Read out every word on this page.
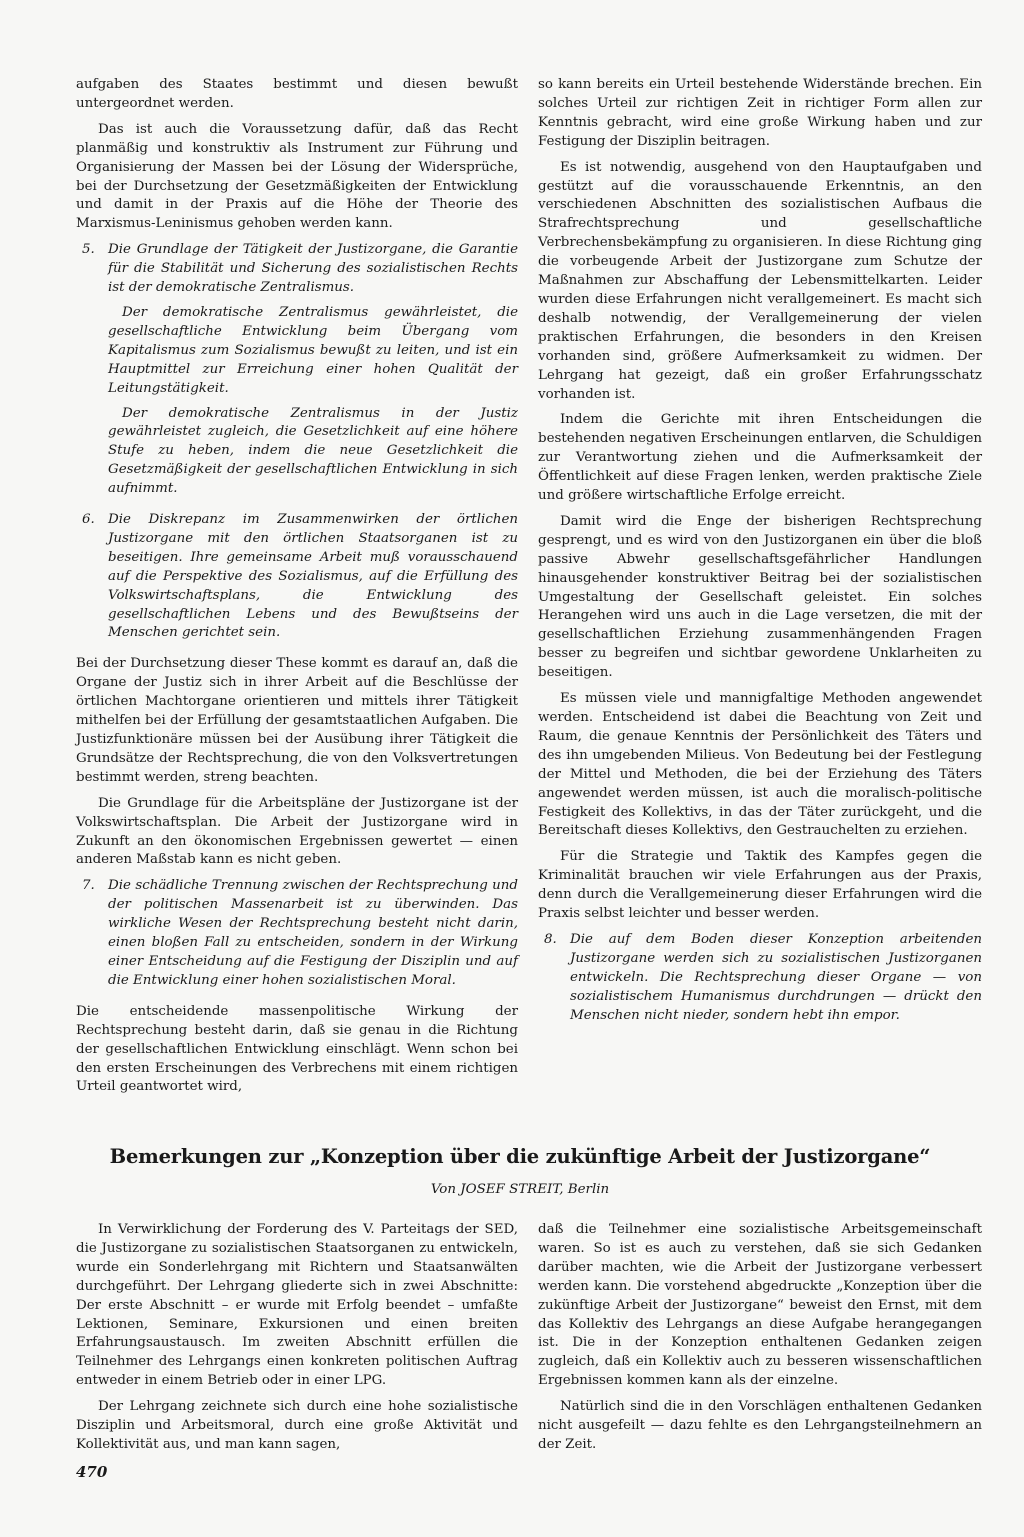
aufgaben des Staates bestimmt und diesen bewußt untergeordnet werden.

Das ist auch die Voraussetzung dafür, daß das Recht planmäßig und konstruktiv als Instrument zur Führung und Organisierung der Massen bei der Lösung der Widersprüche, bei der Durchsetzung der Gesetzmäßigkeiten der Entwicklung und damit in der Praxis auf die Höhe der Theorie des Marxismus-Leninismus gehoben werden kann.

5. Die Grundlage der Tätigkeit der Justizorgane, die Garantie für die Stabilität und Sicherung des sozialistischen Rechts ist der demokratische Zentralismus.

Der demokratische Zentralismus gewährleistet, die gesellschaftliche Entwicklung beim Übergang vom Kapitalismus zum Sozialismus bewußt zu leiten, und ist ein Hauptmittel zur Erreichung einer hohen Qualität der Leitungstätigkeit.

Der demokratische Zentralismus in der Justiz gewährleistet zugleich, die Gesetzlichkeit auf eine höhere Stufe zu heben, indem die neue Gesetzlichkeit die Gesetzmäßigkeit der gesellschaftlichen Entwicklung in sich aufnimmt.

6. Die Diskrepanz im Zusammenwirken der örtlichen Justizorgane mit den örtlichen Staatsorganen ist zu beseitigen. Ihre gemeinsame Arbeit muß vorausschauend auf die Perspektive des Sozialismus, auf die Erfüllung des Volkswirtschaftsplans, die Entwicklung des gesellschaftlichen Lebens und des Bewußtseins der Menschen gerichtet sein.

Bei der Durchsetzung dieser These kommt es darauf an, daß die Organe der Justiz sich in ihrer Arbeit auf die Beschlüsse der örtlichen Machtorgane orientieren und mittels ihrer Tätigkeit mithelfen bei der Erfüllung der gesamtstaatlichen Aufgaben. Die Justizfunktionäre müssen bei der Ausübung ihrer Tätigkeit die Grundsätze der Rechtsprechung, die von den Volksvertretungen bestimmt werden, streng beachten.

Die Grundlage für die Arbeitspläne der Justizorgane ist der Volkswirtschaftsplan. Die Arbeit der Justizorgane wird in Zukunft an den ökonomischen Ergebnissen gewertet — einen anderen Maßstab kann es nicht geben.

7. Die schädliche Trennung zwischen der Rechtsprechung und der politischen Massenarbeit ist zu überwinden. Das wirkliche Wesen der Rechtsprechung besteht nicht darin, einen bloßen Fall zu entscheiden, sondern in der Wirkung einer Entscheidung auf die Festigung der Disziplin und auf die Entwicklung einer hohen sozialistischen Moral.

Die entscheidende massenpolitische Wirkung der Rechtsprechung besteht darin, daß sie genau in die Richtung der gesellschaftlichen Entwicklung einschlägt. Wenn schon bei den ersten Erscheinungen des Verbrechens mit einem richtigen Urteil geantwortet wird,

so kann bereits ein Urteil bestehende Widerstände brechen. Ein solches Urteil zur richtigen Zeit in richtiger Form allen zur Kenntnis gebracht, wird eine große Wirkung haben und zur Festigung der Disziplin beitragen.

Es ist notwendig, ausgehend von den Hauptaufgaben und gestützt auf die vorausschauende Erkenntnis, an den verschiedenen Abschnitten des sozialistischen Aufbaus die Strafrechtsprechung und gesellschaftliche Verbrechensbekämpfung zu organisieren. In diese Richtung ging die vorbeugende Arbeit der Justizorgane zum Schutze der Maßnahmen zur Abschaffung der Lebensmittelkarten. Leider wurden diese Erfahrungen nicht verallgemeinert. Es macht sich deshalb notwendig, der Verallgemeinerung der vielen praktischen Erfahrungen, die besonders in den Kreisen vorhanden sind, größere Aufmerksamkeit zu widmen. Der Lehrgang hat gezeigt, daß ein großer Erfahrungsschatz vorhanden ist.

Indem die Gerichte mit ihren Entscheidungen die bestehenden negativen Erscheinungen entlarven, die Schuldigen zur Verantwortung ziehen und die Aufmerksamkeit der Öffentlichkeit auf diese Fragen lenken, werden praktische Ziele und größere wirtschaftliche Erfolge erreicht.

Damit wird die Enge der bisherigen Rechtsprechung gesprengt, und es wird von den Justizorganen ein über die bloß passive Abwehr gesellschaftsgefährlicher Handlungen hinausgehender konstruktiver Beitrag bei der sozialistischen Umgestaltung der Gesellschaft geleistet. Ein solches Herangehen wird uns auch in die Lage versetzen, die mit der gesellschaftlichen Erziehung zusammenhängenden Fragen besser zu begreifen und sichtbar gewordene Unklarheiten zu beseitigen.

Es müssen viele und mannigfaltige Methoden angewendet werden. Entscheidend ist dabei die Beachtung von Zeit und Raum, die genaue Kenntnis der Persönlichkeit des Täters und des ihn umgebenden Milieus. Von Bedeutung bei der Festlegung der Mittel und Methoden, die bei der Erziehung des Täters angewendet werden müssen, ist auch die moralisch-politische Festigkeit des Kollektivs, in das der Täter zurückgeht, und die Bereitschaft dieses Kollektivs, den Gestrauchelten zu erziehen.

Für die Strategie und Taktik des Kampfes gegen die Kriminalität brauchen wir viele Erfahrungen aus der Praxis, denn durch die Verallgemeinerung dieser Erfahrungen wird die Praxis selbst leichter und besser werden.

8. Die auf dem Boden dieser Konzeption arbeitenden Justizorgane werden sich zu sozialistischen Justizorganen entwickeln. Die Rechtsprechung dieser Organe — von sozialistischem Humanismus durchdrungen — drückt den Menschen nicht nieder, sondern hebt ihn empor.

Bemerkungen zur „Konzeption über die zukünftige Arbeit der Justizorgane“
Von JOSEF STREIT, Berlin

In Verwirklichung der Forderung des V. Parteitags der SED, die Justizorgane zu sozialistischen Staatsorganen zu entwickeln, wurde ein Sonderlehrgang mit Richtern und Staatsanwälten durchgeführt. Der Lehrgang gliederte sich in zwei Abschnitte: Der erste Abschnitt – er wurde mit Erfolg beendet – umfaßte Lektionen, Seminare, Exkursionen und einen breiten Erfahrungsaustausch. Im zweiten Abschnitt erfüllen die Teilnehmer des Lehrgangs einen konkreten politischen Auftrag entweder in einem Betrieb oder in einer LPG.

Der Lehrgang zeichnete sich durch eine hohe sozialistische Disziplin und Arbeitsmoral, durch eine große Aktivität und Kollektivität aus, und man kann sagen,

daß die Teilnehmer eine sozialistische Arbeitsgemeinschaft waren. So ist es auch zu verstehen, daß sie sich Gedanken darüber machten, wie die Arbeit der Justizorgane verbessert werden kann. Die vorstehend abgedruckte „Konzeption über die zukünftige Arbeit der Justizorgane“ beweist den Ernst, mit dem das Kollektiv des Lehrgangs an diese Aufgabe herangegangen ist. Die in der Konzeption enthaltenen Gedanken zeigen zugleich, daß ein Kollektiv auch zu besseren wissenschaftlichen Ergebnissen kommen kann als der einzelne.

Natürlich sind die in den Vorschlägen enthaltenen Gedanken nicht ausgefeilt — dazu fehlte es den Lehrgangsteilnehmern an der Zeit.

470
